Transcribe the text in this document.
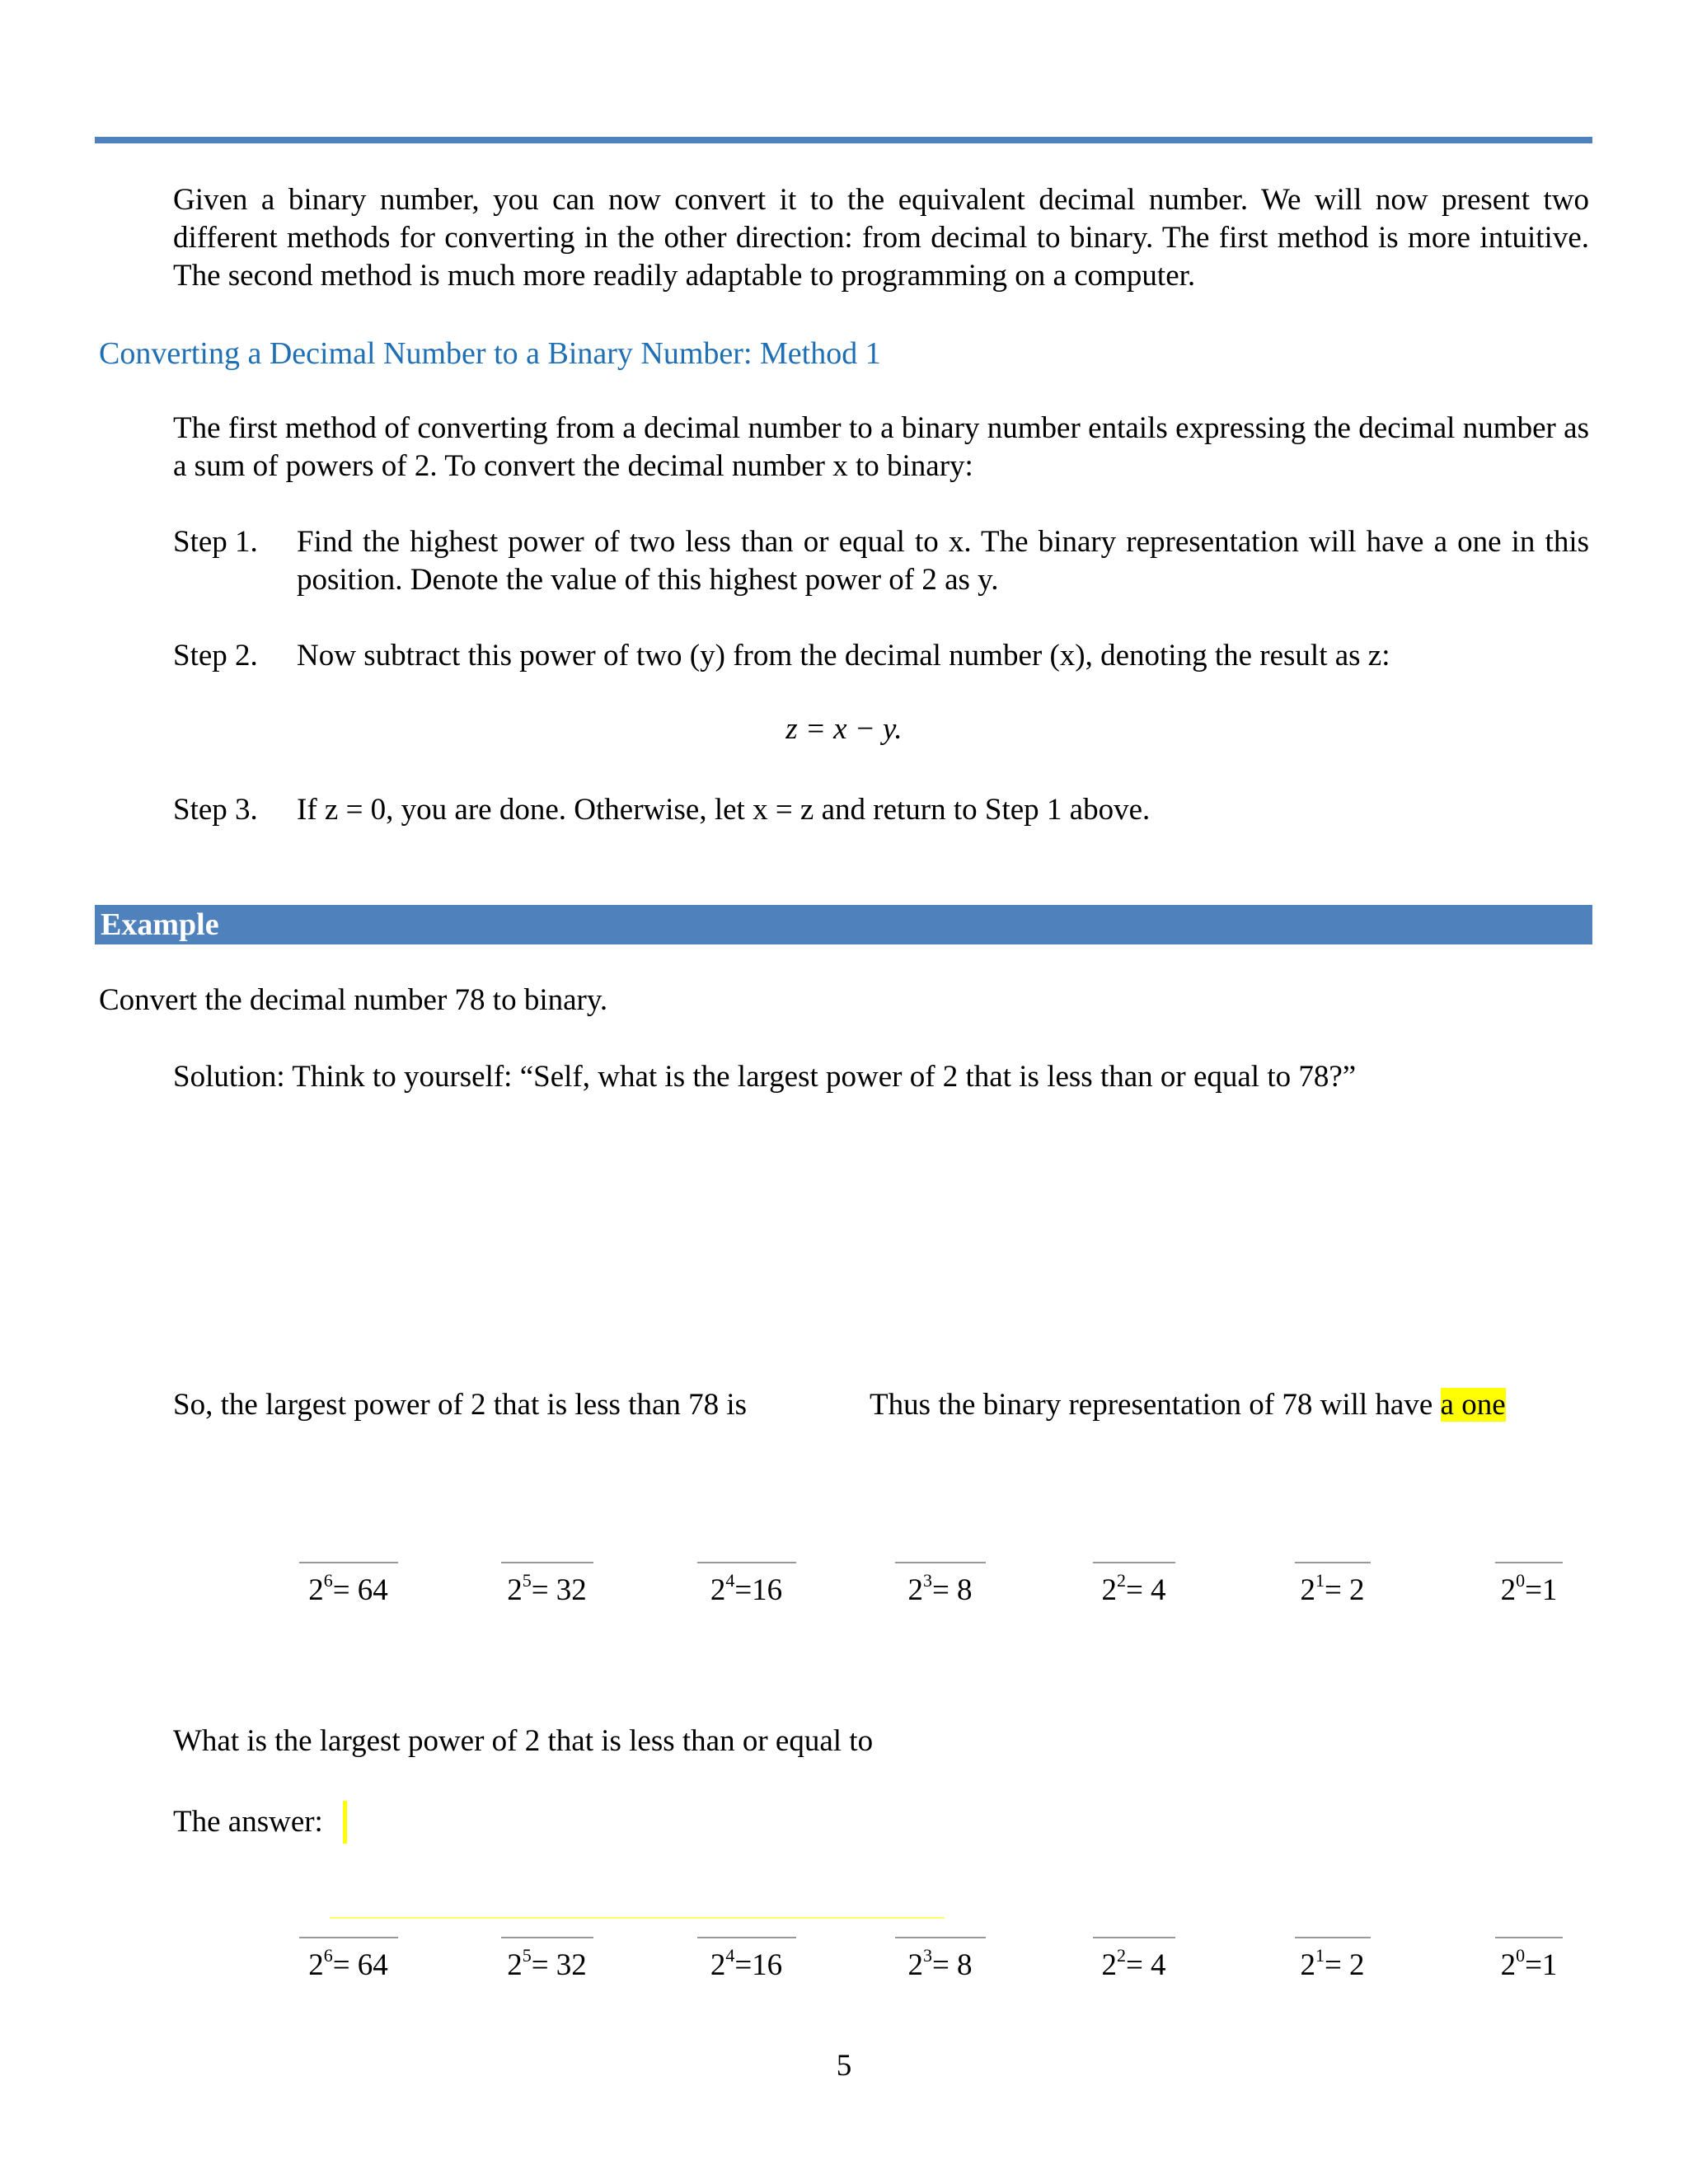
Given a binary number, you can now convert it to the equivalent decimal number. We will now present two different methods for converting in the other direction: from decimal to binary. The first method is more intuitive. The second method is much more readily adaptable to programming on a computer.
Converting a Decimal Number to a Binary Number: Method 1
The first method of converting from a decimal number to a binary number entails expressing the decimal number as a sum of powers of 2. To convert the decimal number x to binary:
Step 1. Find the highest power of two less than or equal to x. The binary representation will have a one in this position. Denote the value of this highest power of 2 as y.
Step 2. Now subtract this power of two (y) from the decimal number (x), denoting the result as z:
z = x − y.
Step 3. If z = 0, you are done. Otherwise, let x = z and return to Step 1 above.
Example
Convert the decimal number 78 to binary.
Solution: Think to yourself: “Self, what is the largest power of 2 that is less than or equal to 78?”
So, the largest power of 2 that is less than 78 is	Thus the binary representation of 78 will have a one
$2^6= 64$	$2^5= 32$	$2^4=16$	$2^3= 8$	$2^2= 4$	$2^1= 2$	$2^0=1$
What is the largest power of 2 that is less than or equal to
The answer:
$2^6= 64$	$2^5= 32$	$2^4=16$	$2^3= 8$	$2^2= 4$	$2^1= 2$	$2^0=1$
5
